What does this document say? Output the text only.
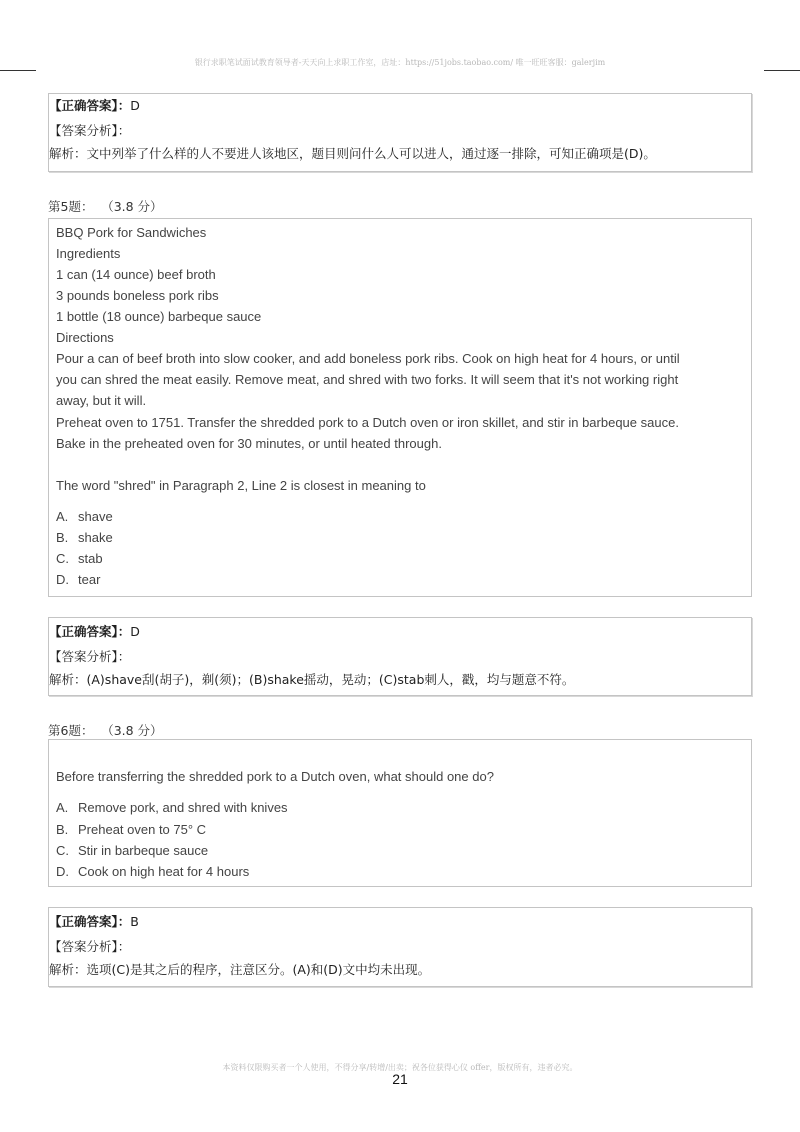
银行求职笔试面试教育领导者-天天向上求职工作室，店址：https://51jobs.taobao.com/ 唯一旺旺客服：galerjim
【正确答案】：D
【答案分析】：
解析：文中列举了什么样的人不要进人该地区，题目则问什么人可以进人，通过逐一排除，可知正确项是(D)。
第5题： （3.8 分）
BBQ Pork for Sandwiches
Ingredients
1 can (14 ounce) beef broth
3 pounds boneless pork ribs
1 bottle (18 ounce) barbeque sauce
Directions
Pour a can of beef broth into slow cooker, and add boneless pork ribs. Cook on high heat for 4 hours, or until
you can shred the meat easily. Remove meat, and shred with two forks. It will seem that it's not working right
away, but it will.
Preheat oven to 1751. Transfer the shredded pork to a Dutch oven or iron skillet, and stir in barbeque sauce.
Bake in the preheated oven for 30 minutes, or until heated through.
The word "shred" in Paragraph 2, Line 2 is closest in meaning to
A. shave
B. shake
C. stab
D. tear
【正确答案】：D
【答案分析】：
解析：(A)shave刮(胡子)，剃(须)；(B)shake摇动，晃动；(C)stab刺人，戳，均与题意不符。
第6题： （3.8 分）
Before transferring the shredded pork to a Dutch oven, what should one do?
A. Remove pork, and shred with knives
B. Preheat oven to 75° C
C. Stir in barbeque sauce
D. Cook on high heat for 4 hours
【正确答案】：B
【答案分析】：
解析：选项(C)是其之后的程序，注意区分。(A)和(D)文中均未出现。
本资料仅限购买者一个人使用，不得分享/转增/出卖；祝各位获得心仪 offer，版权所有，违者必究。
21
